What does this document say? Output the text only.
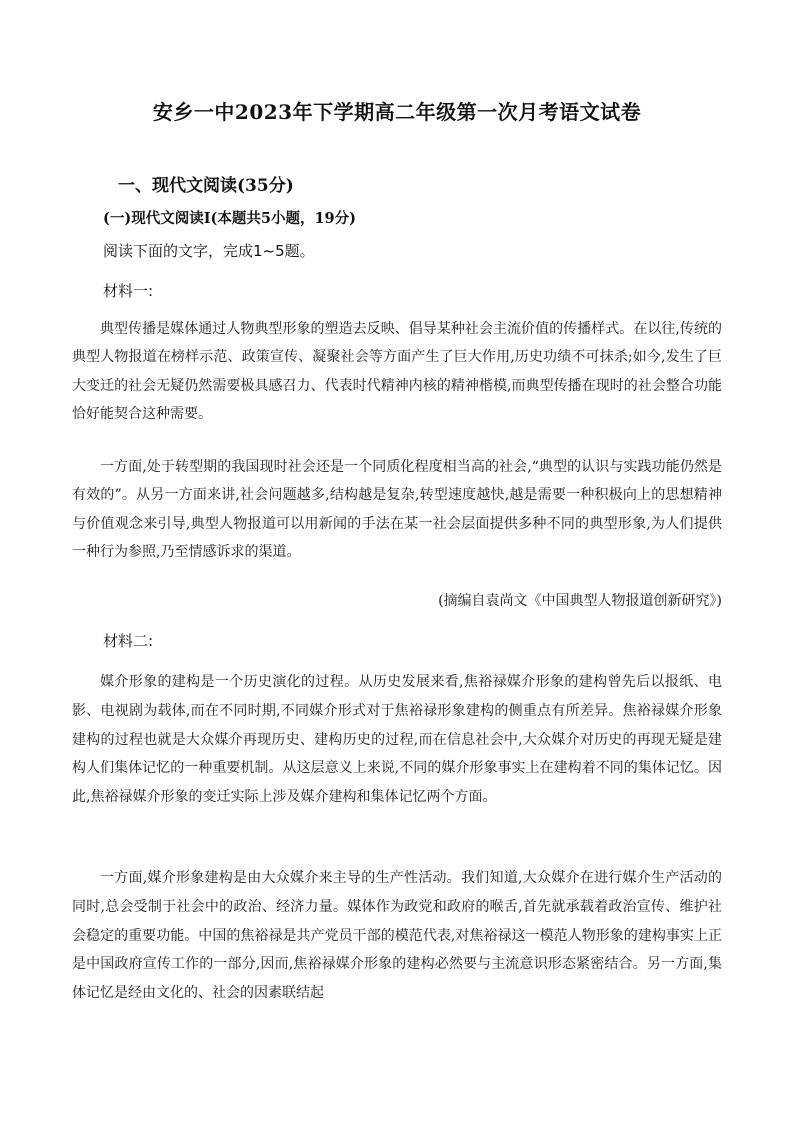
安乡一中2023年下学期高二年级第一次月考语文试卷
一、现代文阅读(35分)
(一)现代文阅读Ⅰ(本题共5小题，19分)
阅读下面的文字，完成1~5题。
材料一:

典型传播是媒体通过人物典型形象的塑造去反映、倡导某种社会主流价值的传播样式。在以往,传统的典型人物报道在榜样示范、政策宣传、凝聚社会等方面产生了巨大作用,历史功绩不可抹杀;如今,发生了巨大变迁的社会无疑仍然需要极具感召力、代表时代精神内核的精神楷模,而典型传播在现时的社会整合功能恰好能契合这种需要。

一方面,处于转型期的我国现时社会还是一个同质化程度相当高的社会,“典型的认识与实践功能仍然是有效的”。从另一方面来讲,社会问题越多,结构越是复杂,转型速度越快,越是需要一种积极向上的思想精神与价值观念来引导,典型人物报道可以用新闻的手法在某一社会层面提供多种不同的典型形象,为人们提供一种行为参照,乃至情感诉求的渠道。

(摘编自袁尚文《中国典型人物报道创新研究》)
材料二:

媒介形象的建构是一个历史演化的过程。从历史发展来看,焦裕禄媒介形象的建构曾先后以报纸、电影、电视剧为载体,而在不同时期,不同媒介形式对于焦裕禄形象建构的侧重点有所差异。焦裕禄媒介形象建构的过程也就是大众媒介再现历史、建构历史的过程,而在信息社会中,大众媒介对历史的再现无疑是建构人们集体记忆的一种重要机制。从这层意义上来说,不同的媒介形象事实上在建构着不同的集体记忆。因此,焦裕禄媒介形象的变迁实际上涉及媒介建构和集体记忆两个方面。

一方面,媒介形象建构是由大众媒介来主导的生产性活动。我们知道,大众媒介在进行媒介生产活动的同时,总会受制于社会中的政治、经济力量。媒体作为政党和政府的喉舌,首先就承载着政治宣传、维护社会稳定的重要功能。中国的焦裕禄是共产党员干部的模范代表,对焦裕禄这一模范人物形象的建构事实上正是中国政府宣传工作的一部分,因而,焦裕禄媒介形象的建构必然要与主流意识形态紧密结合。另一方面,集体记忆是经由文化的、社会的因素联结起
